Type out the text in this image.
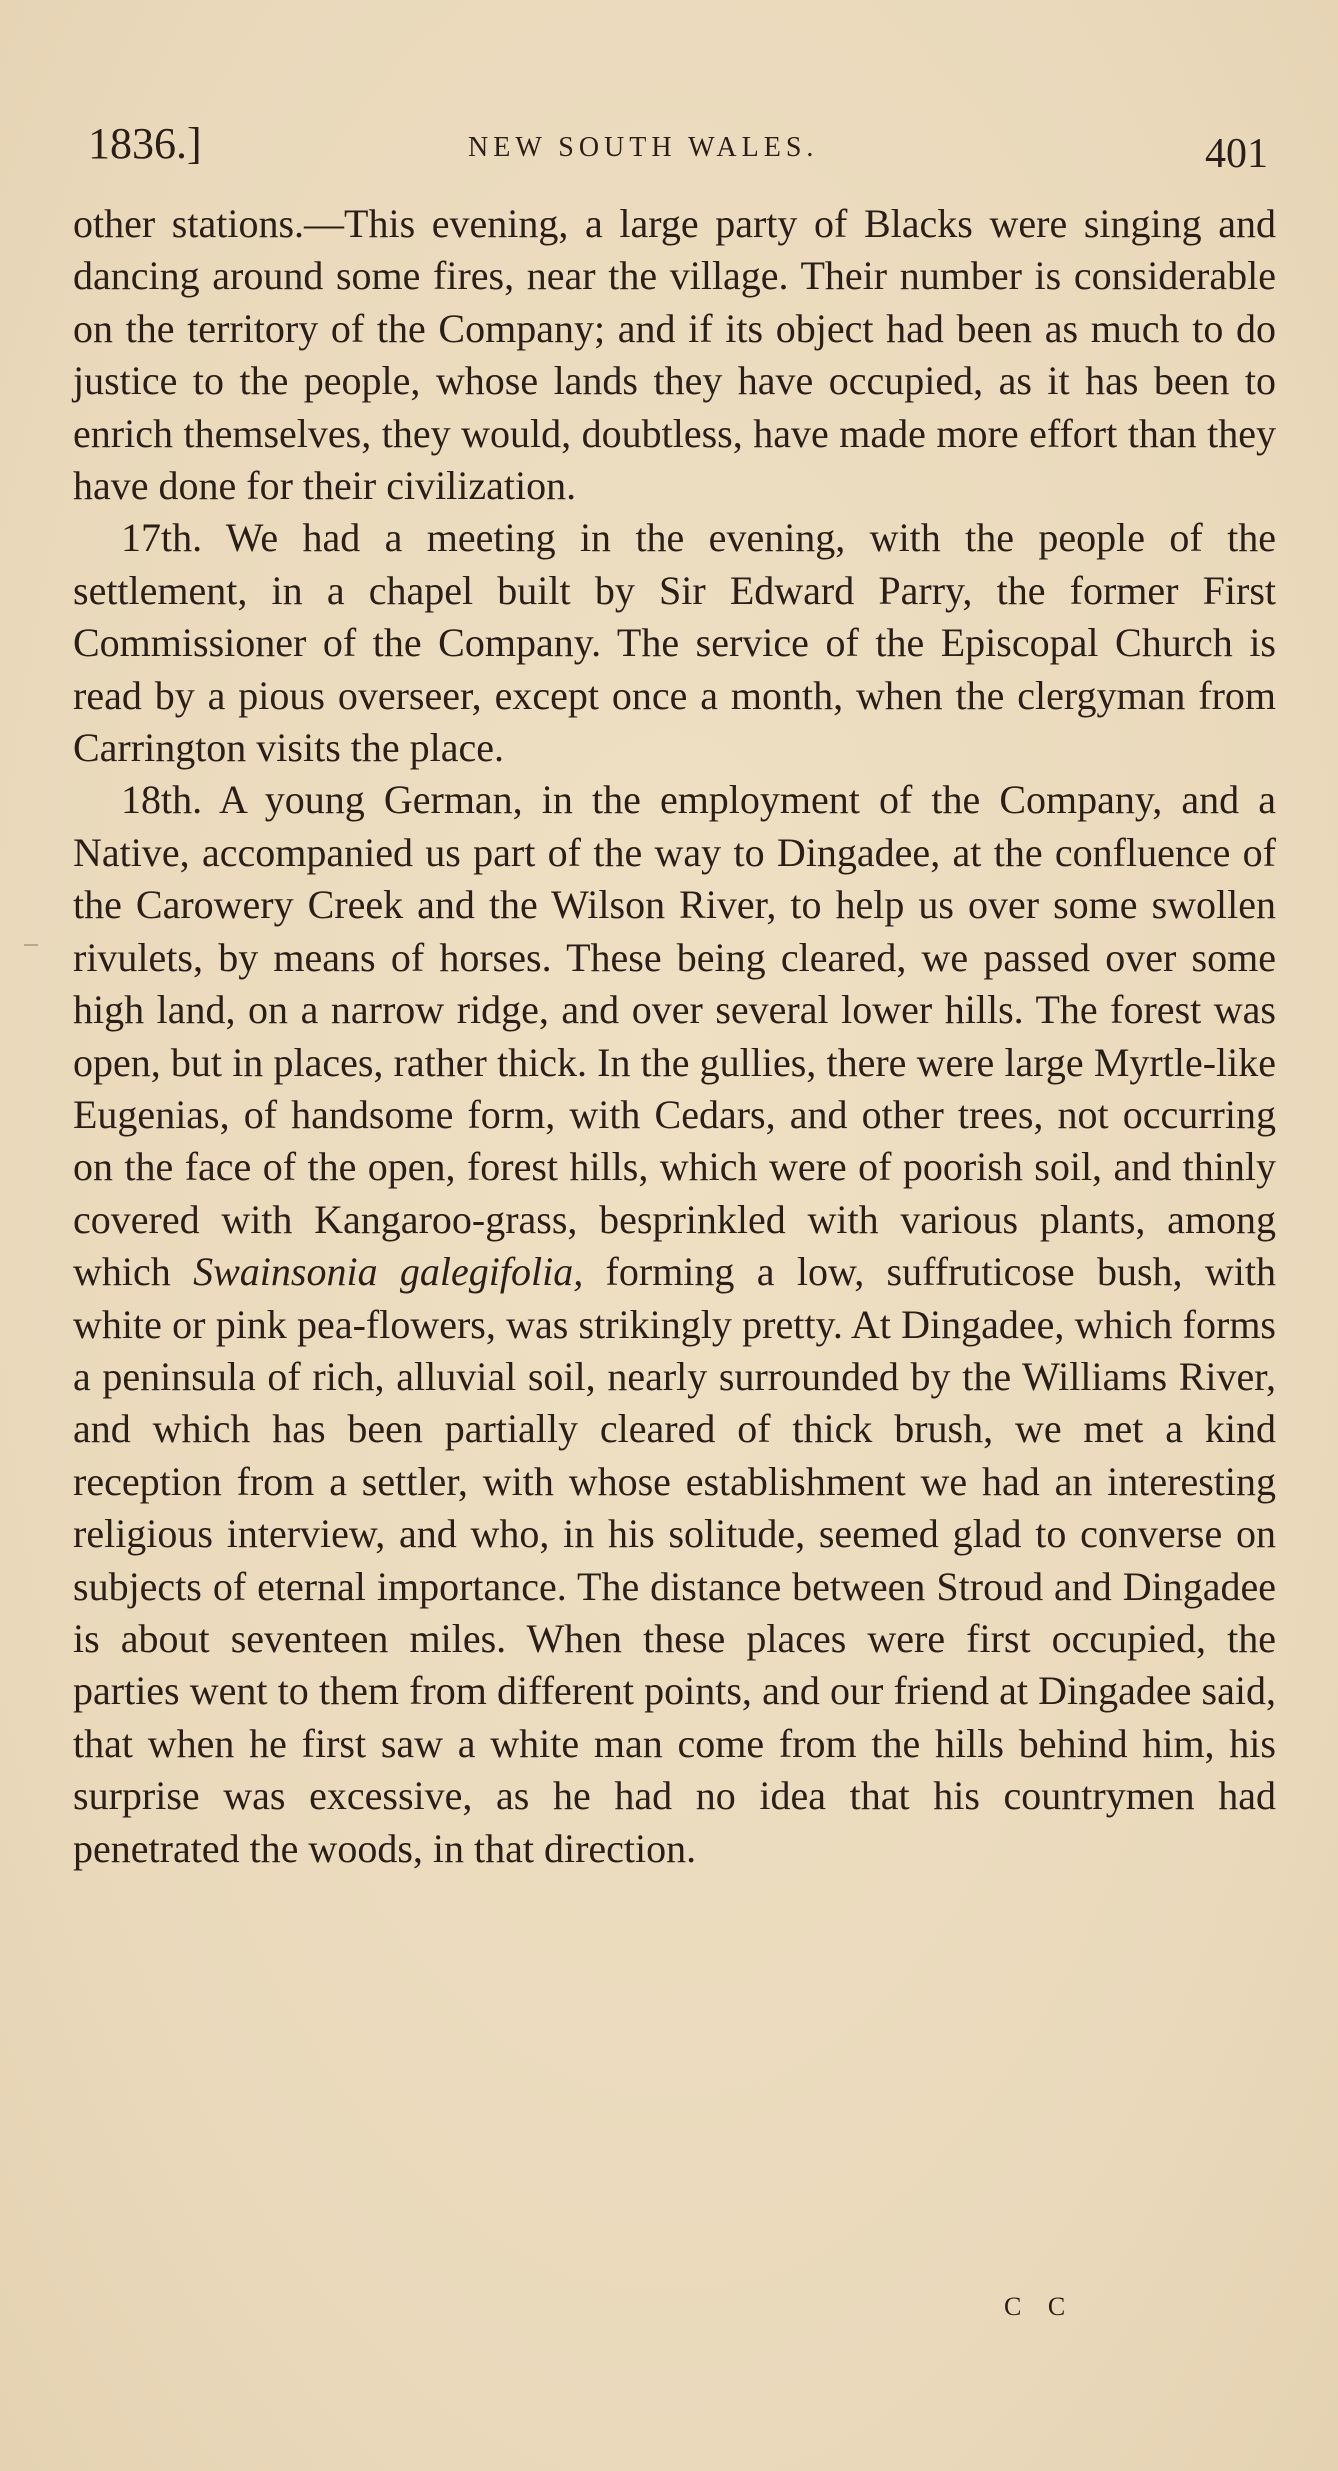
1836.]	NEW SOUTH WALES.	401

other stations.—This evening, a large party of Blacks were singing and dancing around some fires, near the village. Their number is considerable on the territory of the Company; and if its object had been as much to do justice to the people, whose lands they have occupied, as it has been to enrich themselves, they would, doubtless, have made more effort than they have done for their civilization.

17th. We had a meeting in the evening, with the people of the settlement, in a chapel built by Sir Edward Parry, the former First Commissioner of the Company. The service of the Episcopal Church is read by a pious overseer, except once a month, when the clergyman from Carrington visits the place.

18th. A young German, in the employment of the Company, and a Native, accompanied us part of the way to Dingadee, at the confluence of the Carowery Creek and the Wilson River, to help us over some swollen rivulets, by means of horses. These being cleared, we passed over some high land, on a narrow ridge, and over several lower hills. The forest was open, but in places, rather thick. In the gullies, there were large Myrtle-like Eugenias, of handsome form, with Cedars, and other trees, not occurring on the face of the open, forest hills, which were of poorish soil, and thinly covered with Kangaroo-grass, besprinkled with various plants, among which Swainsonia galegifolia, forming a low, suffruticose bush, with white or pink pea-flowers, was strikingly pretty. At Dingadee, which forms a peninsula of rich, alluvial soil, nearly surrounded by the Williams River, and which has been partially cleared of thick brush, we met a kind reception from a settler, with whose establishment we had an interesting religious interview, and who, in his solitude, seemed glad to converse on subjects of eternal importance. The distance between Stroud and Dingadee is about seventeen miles. When these places were first occupied, the parties went to them from different points, and our friend at Dingadee said, that when he first saw a white man come from the hills behind him, his surprise was excessive, as he had no idea that his countrymen had penetrated the woods, in that direction.

C C
